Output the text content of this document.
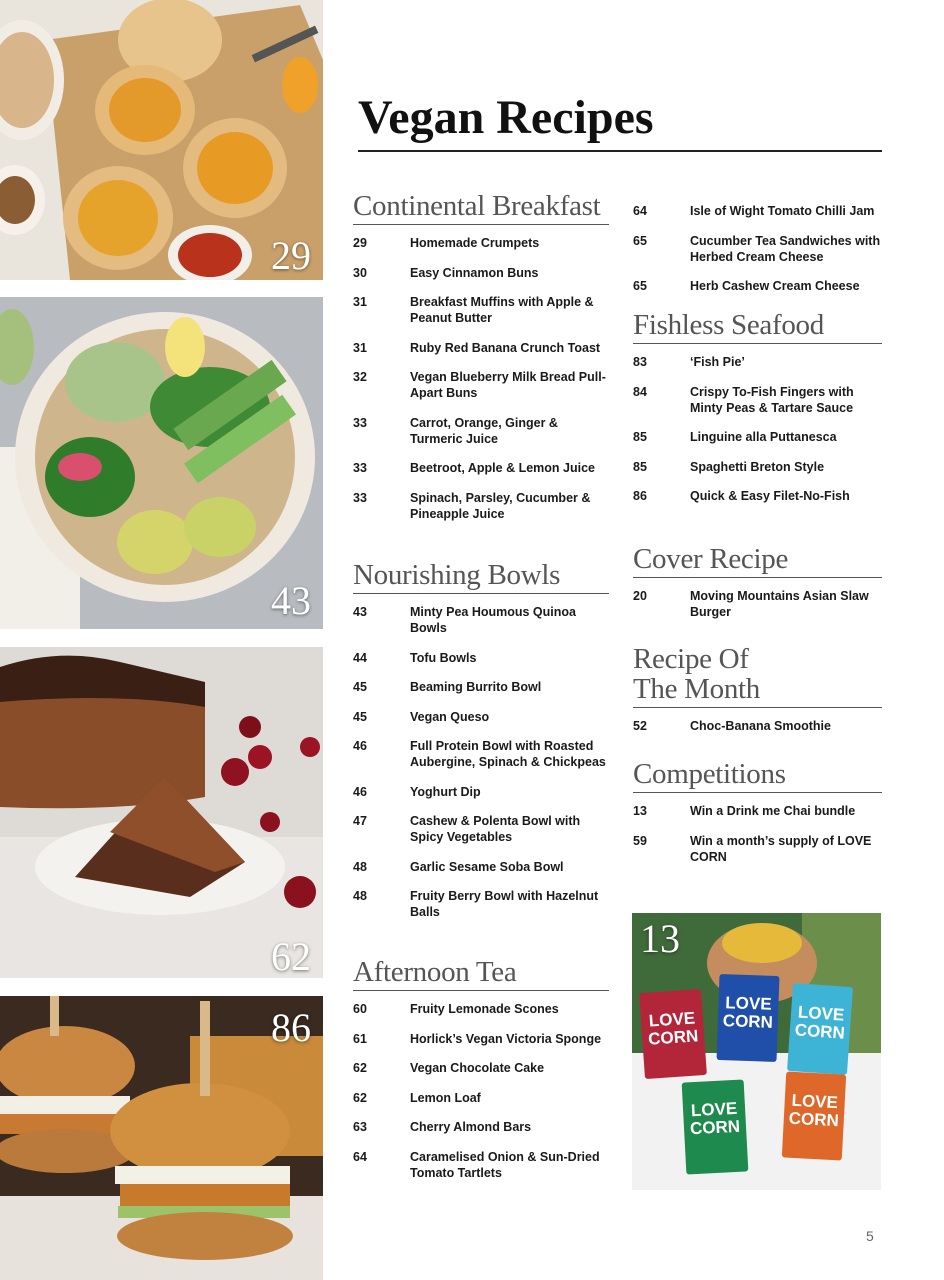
29
43
62
86
Vegan Recipes
Continental Breakfast
29	Homemade Crumpets
30	Easy Cinnamon Buns
31	Breakfast Muffins with Apple & Peanut Butter
31	Ruby Red Banana Crunch Toast
32	Vegan Blueberry Milk Bread Pull-Apart Buns
33	Carrot, Orange, Ginger & Turmeric Juice
33	Beetroot, Apple & Lemon Juice
33	Spinach, Parsley, Cucumber & Pineapple Juice
Nourishing Bowls
43	Minty Pea Houmous Quinoa Bowls
44	Tofu Bowls
45	Beaming Burrito Bowl
45	Vegan Queso
46	Full Protein Bowl with Roasted Aubergine, Spinach & Chickpeas
46	Yoghurt Dip
47	Cashew & Polenta Bowl with Spicy Vegetables
48	Garlic Sesame Soba Bowl
48	Fruity Berry Bowl with Hazelnut Balls
Afternoon Tea
60	Fruity Lemonade Scones
61	Horlick’s Vegan Victoria Sponge
62	Vegan Chocolate Cake
62	Lemon Loaf
63	Cherry Almond Bars
64	Caramelised Onion & Sun-Dried Tomato Tartlets
64	Isle of Wight Tomato Chilli Jam
65	Cucumber Tea Sandwiches with Herbed Cream Cheese
65	Herb Cashew Cream Cheese
Fishless Seafood
83	‘Fish Pie’
84	Crispy To-Fish Fingers with Minty Peas & Tartare Sauce
85	Linguine alla Puttanesca
85	Spaghetti Breton Style
86	Quick & Easy Filet-No-Fish
Cover Recipe
20	Moving Mountains Asian Slaw Burger
Recipe Of
The Month
52	Choc-Banana Smoothie
Competitions
13	Win a Drink me Chai bundle
59	Win a month’s supply of LOVE CORN
LOVE
CORN
LOVE
CORN LOVE
CORN
LOVE
CORN
LOVE
CORN
13
5
